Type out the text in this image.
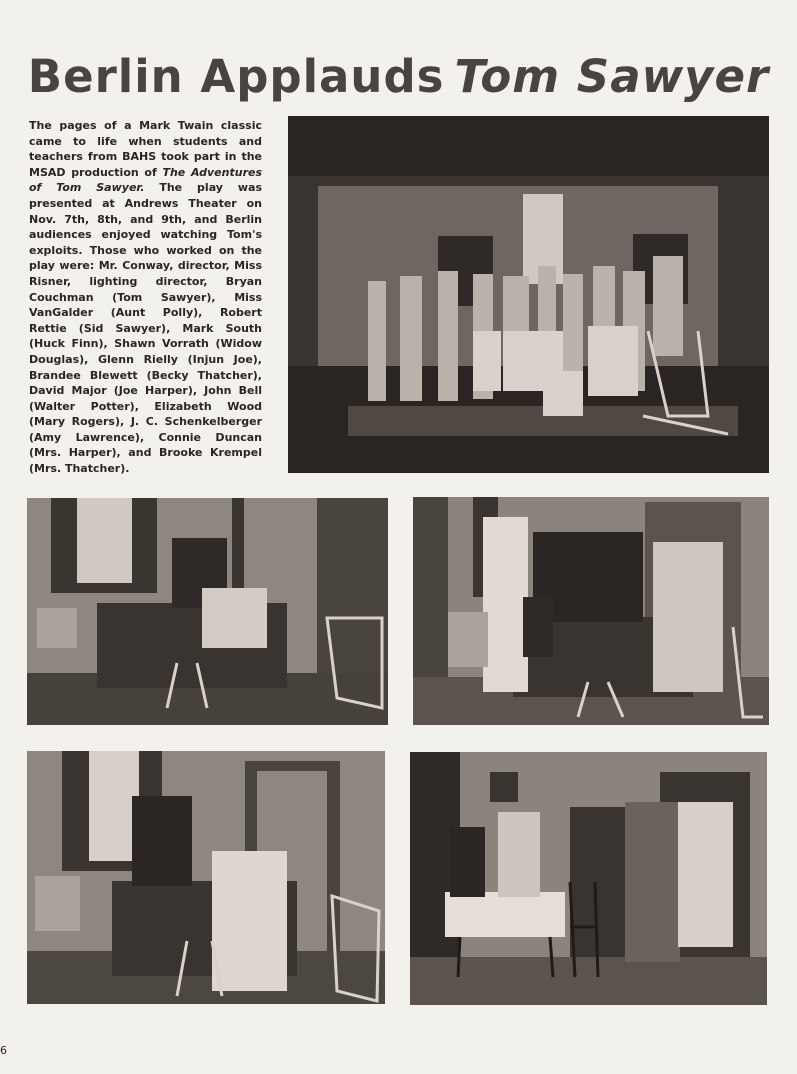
Berlin Applauds Tom Sawyer
The pages of a Mark Twain classic came to life when students and teachers from BAHS took part in the MSAD production of The Adventures of Tom Sawyer. The play was presented at Andrews Theater on Nov. 7th, 8th, and 9th, and Berlin audiences enjoyed watching Tom's exploits. Those who worked on the play were: Mr. Conway, director, Miss Risner, lighting director, Bryan Couchman (Tom Sawyer), Miss VanGalder (Aunt Polly), Robert Rettie (Sid Sawyer), Mark South (Huck Finn), Shawn Vorrath (Widow Douglas), Glenn Rielly (Injun Joe), Brandee Blewett (Becky Thatcher), David Major (Joe Harper), John Bell (Walter Potter), Elizabeth Wood (Mary Rogers), J. C. Schenkelberger (Amy Lawrence), Connie Duncan (Mrs. Harper), and Brooke Krempel (Mrs. Thatcher).
6
